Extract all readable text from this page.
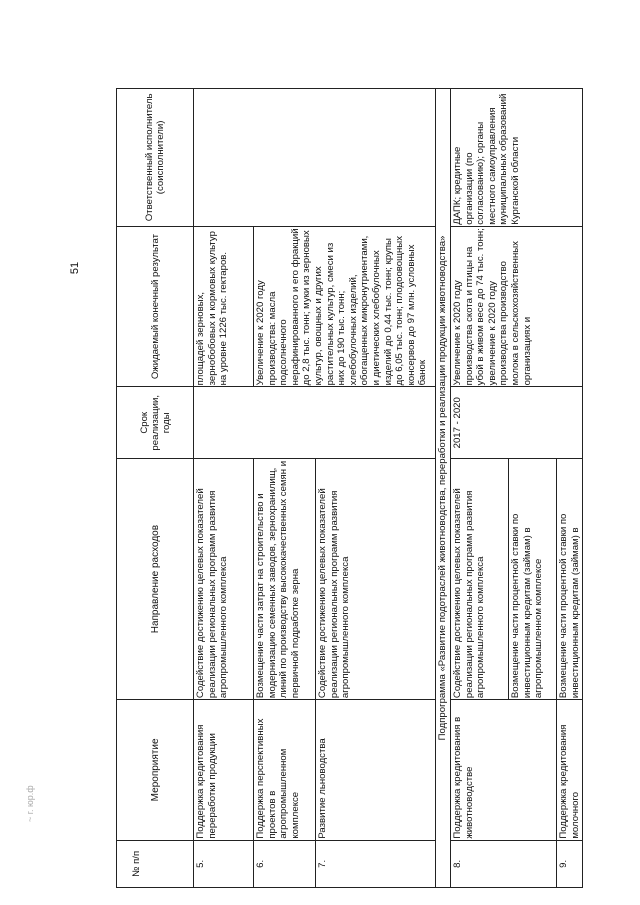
51
~ г. юр.ф
№ п/п	Мероприятие	Направление расходов	Срок реализации, годы	Ожидаемый конечный результат	Ответственный исполнитель (соисполнители)
5.	Поддержка кредитования переработки продукции	Содействие достижению целевых показателей реализации региональных программ развития агропромышленного комплекса		площадей зерновых, зернобобовых и кормовых культур на уровне 1226 тыс. гектаров.	
6.	Поддержка перспективных проектов в агропромышленном комплексе	Возмещение части затрат на строительство и модернизацию семенных заводов, зернохранилищ, линий по производству высококачественных семян и первичной подработке зерна		Увеличение к 2020 году производства: масла подсолнечного нерафинированного и его фракций до 2,8 тыс. тонн; муки из зерновых культур, овощных и других растительных культур, смеси из них до 190 тыс. тонн; хлебобулочных изделий, обогащенных микронутриентами, и диетических хлебобулочных изделий до 0,44 тыс. тонн; крупы до 6,05 тыс. тонн; плодоовощных консервов до 97 млн. условных банок	
7.	Развитие льноводства	Содействие достижению целевых показателей реализации региональных программ развития агропромышленного комплекса			
Подпрограмма «Развитие подотраслей животноводства, переработки и реализации продукции животноводства»					
8.	Поддержка кредитования в животноводстве	Содействие достижению целевых показателей реализации региональных программ развития агропромышленного комплекса	2017 - 2020	Увеличение к 2020 году производства скота и птицы на убой в живом весе до 74 тыс. тонн; увеличение к 2020 году производства производство молока в сельскохозяйственных организациях и	ДАПК; кредитные организации (по согласованию); органы местного самоуправления муниципальных образований Курганской области
		Возмещение части процентной ставки по инвестиционным кредитам (займам) в агропромышленном комплексе			
9.	Поддержка кредитования молочного	Возмещение части процентной ставки по инвестиционным кредитам (займам) в			
